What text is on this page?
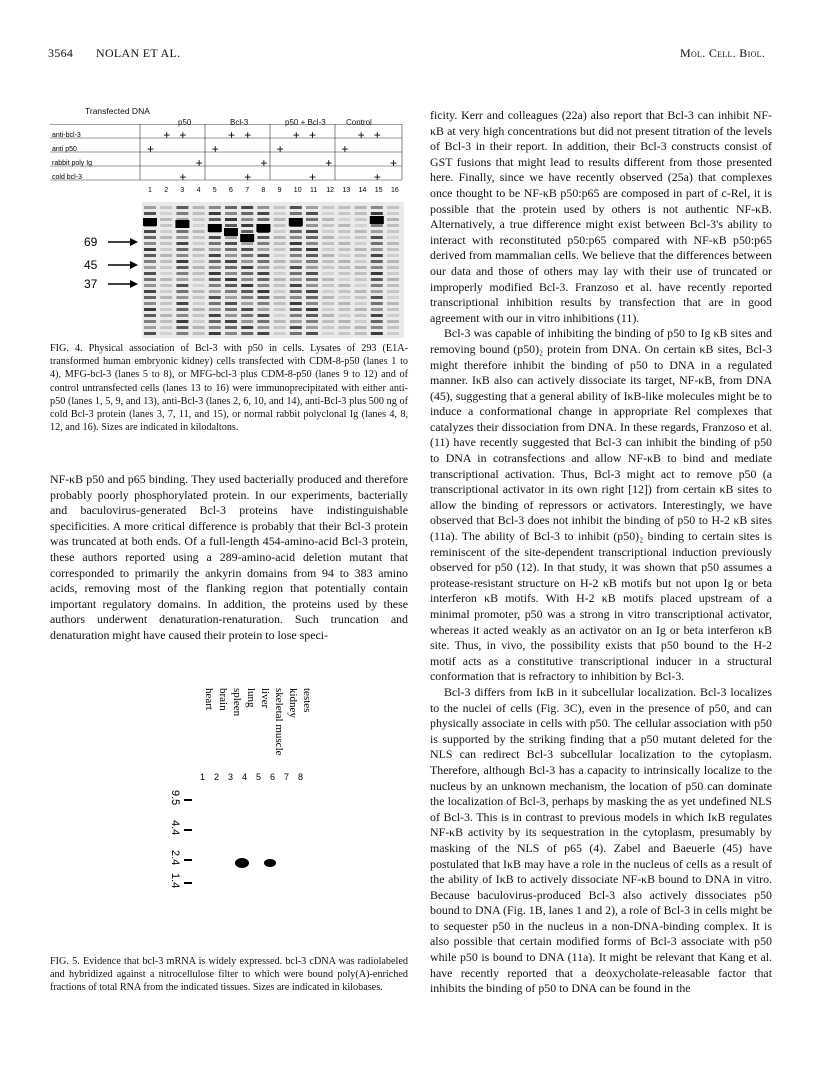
3564 NOLAN ET AL.	Mol. Cell. Biol.
Transfected DNA
p50	Bcl-3	p50 + Bcl-3	Control
anti-bcl-3	+ +	+ +	+ +	+ +
anti p50	+	+	+	+
rabbit poly Ig	+	+	+	+
cold bcl-3	+	+	+	+
1 2 3 4 5 6 7 8 9 10 11 12 13 14 15 16
69
45
37
FIG. 4. Physical association of Bcl-3 with p50 in cells. Lysates of 293 (E1A-transformed human embryonic kidney) cells transfected with CDM-8-p50 (lanes 1 to 4), MFG-bcl-3 (lanes 5 to 8), or MFG-bcl-3 plus CDM-8-p50 (lanes 9 to 12) and of control untransfected cells (lanes 13 to 16) were immunoprecipitated with either anti-p50 (lanes 1, 5, 9, and 13), anti-Bcl-3 (lanes 2, 6, 10, and 14), anti-Bcl-3 plus 500 ng of cold Bcl-3 protein (lanes 3, 7, 11, and 15), or normal rabbit polyclonal Ig (lanes 4, 8, 12, and 16). Sizes are indicated in kilodaltons.

NF-κB p50 and p65 binding. They used bacterially produced and therefore probably poorly phosphorylated protein. In our experiments, bacterially and baculovirus-generated Bcl-3 proteins have indistinguishable specificities. A more critical difference is probably that their Bcl-3 protein was truncated at both ends. Of a full-length 454-amino-acid Bcl-3 protein, these authors reported using a 289-amino-acid deletion mutant that corresponded to primarily the ankyrin domains from 94 to 383 amino acids, removing most of the flanking region that potentially contain important regulatory domains. In addition, the proteins used by these authors underwent denaturation-renaturation. Such truncation and denaturation might have caused their protein to lose speci-

heart brain spleen lung liver skeletal muscle kidney testes
1 2 3 4 5 6 7 8
9.5
4.4
2.4
1.4
FIG. 5. Evidence that bcl-3 mRNA is widely expressed. bcl-3 cDNA was radiolabeled and hybridized against a nitrocellulose filter to which were bound poly(A)-enriched fractions of total RNA from the indicated tissues. Sizes are indicated in kilobases.

ficity. Kerr and colleagues (22a) also report that Bcl-3 can inhibit NF-κB at very high concentrations but did not present titration of the levels of Bcl-3 in their report. In addition, their Bcl-3 constructs consist of GST fusions that might lead to results different from those presented here. Finally, since we have recently observed (25a) that complexes once thought to be NF-κB p50:p65 are composed in part of c-Rel, it is possible that the protein used by others is not authentic NF-κB. Alternatively, a true difference might exist between Bcl-3's ability to interact with reconstituted p50:p65 compared with NF-κB p50:p65 derived from mammalian cells. We believe that the differences between our data and those of others may lay with their use of truncated or improperly modified Bcl-3. Franzoso et al. have recently reported transcriptional inhibition results by transfection that are in good agreement with our in vitro inhibitions (11).

Bcl-3 was capable of inhibiting the binding of p50 to Ig κB sites and removing bound (p50)₂ protein from DNA. On certain κB sites, Bcl-3 might therefore inhibit the binding of p50 to DNA in a regulated manner. IκB also can actively dissociate its target, NF-κB, from DNA (45), suggesting that a general ability of IκB-like molecules might be to induce a conformational change in appropriate Rel complexes that catalyzes their dissociation from DNA. In these regards, Franzoso et al. (11) have recently suggested that Bcl-3 can inhibit the binding of p50 to DNA in cotransfections and allow NF-κB to bind and mediate transcriptional activation. Thus, Bcl-3 might act to remove p50 (a transcriptional activator in its own right [12]) from certain κB sites to allow the binding of repressors or activators. Interestingly, we have observed that Bcl-3 does not inhibit the binding of p50 to H-2 κB sites (11a). The ability of Bcl-3 to inhibit (p50)₂ binding to certain sites is reminiscent of the site-dependent transcriptional induction previously observed for p50 (12). In that study, it was shown that p50 assumes a protease-resistant structure on H-2 κB motifs but not upon Ig or beta interferon κB motifs. With H-2 κB motifs placed upstream of a minimal promoter, p50 was a strong in vitro transcriptional activator, whereas it acted weakly as an activator on an Ig or beta interferon κB site. Thus, in vivo, the possibility exists that p50 bound to the H-2 motif acts as a constitutive transcriptional inducer in a structural conformation that is refractory to inhibition by Bcl-3.

Bcl-3 differs from IκB in it subcellular localization. Bcl-3 localizes to the nuclei of cells (Fig. 3C), even in the presence of p50, and can physically associate in cells with p50. The cellular association with p50 is supported by the striking finding that a p50 mutant deleted for the NLS can redirect Bcl-3 subcellular localization to the cytoplasm. Therefore, although Bcl-3 has a capacity to intrinsically localize to the nucleus by an unknown mechanism, the location of p50 can dominate the localization of Bcl-3, perhaps by masking the as yet undefined NLS of Bcl-3. This is in contrast to previous models in which IκB regulates NF-κB activity by its sequestration in the cytoplasm, presumably by masking of the NLS of p65 (4). Zabel and Baeuerle (45) have postulated that IκB may have a role in the nucleus of cells as a result of the ability of IκB to actively dissociate NF-κB bound to DNA in vitro. Because baculovirus-produced Bcl-3 also actively dissociates p50 bound to DNA (Fig. 1B, lanes 1 and 2), a role of Bcl-3 in cells might be to sequester p50 in the nucleus in a non-DNA-binding complex. It is also possible that certain modified forms of Bcl-3 associate with p50 while p50 is bound to DNA (11a). It might be relevant that Kang et al. have recently reported that a deoxycholate-releasable factor that inhibits the binding of p50 to DNA can be found in the
